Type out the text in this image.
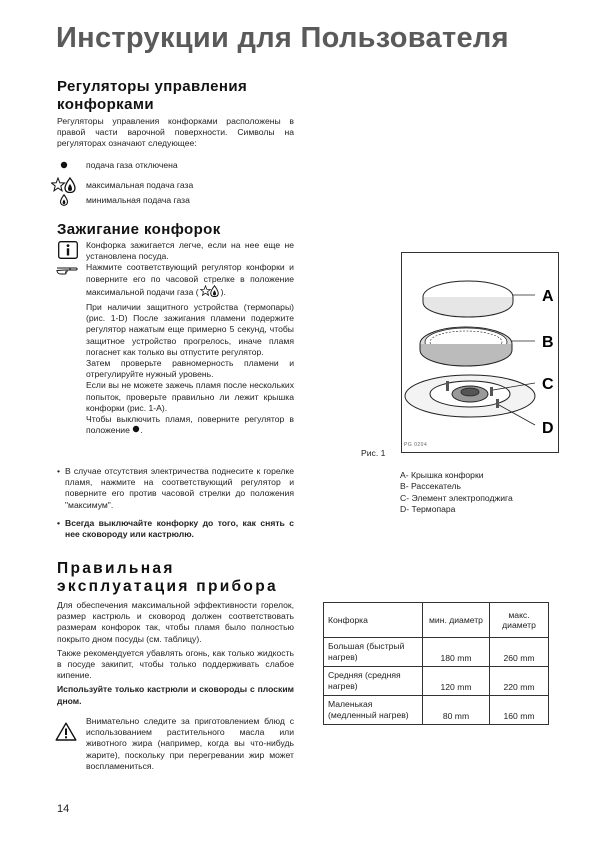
Инструкции для Пользователя
Регуляторы управления конфорками

Регуляторы управления конфорками расположены в правой части варочной поверхности. Символы на регуляторах означают следующее:

подача газа отключена
максимальная подача газа
минимальная подача газа
Зажигание конфорок

Конфорка зажигается легче, если на нее еще не установлена посуда.

Нажмите соответствующий регулятор конфорки и поверните его по часовой стрелке в положение максимальной подачи газа (	).

При наличии защитного устройства (термопары) (рис. 1-D) После зажигания пламени подержите регулятор нажатым еще примерно 5 секунд, чтобы защитное устройство прогрелось, иначе пламя погаснет как только вы отпустите регулятор.

Затем проверьте равномерность пламени и отрегулируйте нужный уровень.

Если вы не можете зажечь пламя после нескольких попыток, проверьте правильно ли лежит крышка конфорки (рис. 1-А).

Чтобы выключить пламя, поверните регулятор в положение .

• В случае отсутствия электричества поднесите к горелке пламя, нажмите на соответствующий регулятор и поверните его против часовой стрелки до положения "максимум".
• Всегда выключайте конфорку до того, как снять с нее сковороду или кастрюлю.
Правильная эксплуатация прибора

Для обеспечения максимальной эффективности горелок, размер кастрюль и сковород должен соответствовать размерам конфорок так, чтобы пламя было полностью покрыто дном посуды (см. таблицу).

Также рекомендуется убавлять огонь, как только жидкость в посуде закипит, чтобы только поддерживать слабое кипение.

Используйте только кастрюли и сковороды с плоским дном.

Внимательно следите за приготовлением блюд с использованием растительного масла или животного жира (например, когда вы что-нибудь жарите), поскольку при перегревании жир может воспламениться.

A
B
C
D
PG 0204
Рис. 1
A- Крышка конфорки
B- Рассекатель
C- Элемент электроподжига
D- Термопара
Конфорка	мин. диаметр	макс. диаметр
Большая (быстрый нагрев)	180 mm	260 mm
Средняя (средняя нагрев)	120 mm	220 mm
Маленькая (медленный нагрев)	80 mm	160 mm
14
